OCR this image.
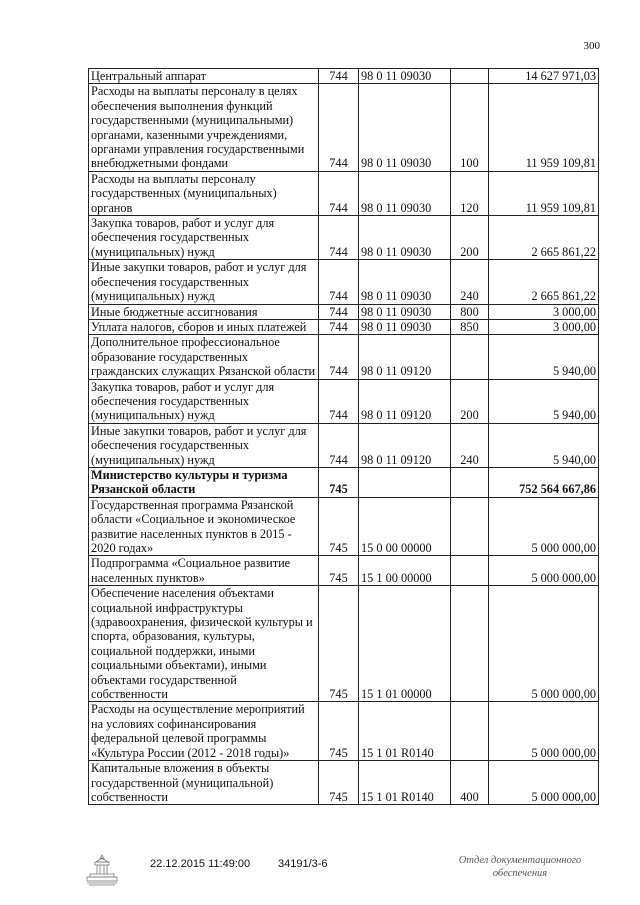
300
Центральный аппарат	744	98 0 11 09030		14 627 971,03
Расходы на выплаты персоналу в целях обеспечения выполнения функций государственными (муниципальными) органами, казенными учреждениями, органами управления государственными внебюджетными фондами	744	98 0 11 09030	100	11 959 109,81
Расходы на выплаты персоналу государственных (муниципальных) органов	744	98 0 11 09030	120	11 959 109,81
Закупка товаров, работ и услуг для обеспечения государственных (муниципальных) нужд	744	98 0 11 09030	200	2 665 861,22
Иные закупки товаров, работ и услуг для обеспечения государственных (муниципальных) нужд	744	98 0 11 09030	240	2 665 861,22
Иные бюджетные ассигнования	744	98 0 11 09030	800	3 000,00
Уплата налогов, сборов и иных платежей	744	98 0 11 09030	850	3 000,00
Дополнительное профессиональное образование государственных гражданских служащих Рязанской области	744	98 0 11 09120		5 940,00
Закупка товаров, работ и услуг для обеспечения государственных (муниципальных) нужд	744	98 0 11 09120	200	5 940,00
Иные закупки товаров, работ и услуг для обеспечения государственных (муниципальных) нужд	744	98 0 11 09120	240	5 940,00
Министерство культуры и туризма Рязанской области	745			752 564 667,86
Государственная программа Рязанской области «Социальное и экономическое развитие населенных пунктов в 2015 - 2020 годах»	745	15 0 00 00000		5 000 000,00
Подпрограмма «Социальное развитие населенных пунктов»	745	15 1 00 00000		5 000 000,00
Обеспечение населения объектами социальной инфраструктуры (здравоохранения, физической культуры и спорта, образования, культуры, социальной поддержки, иными социальными объектами), иными объектами государственной собственности	745	15 1 01 00000		5 000 000,00
Расходы на осуществление мероприятий на условиях софинансирования федеральной целевой программы «Культура России (2012 - 2018 годы)»	745	15 1 01 R0140		5 000 000,00
Капитальные вложения в объекты государственной (муниципальной) собственности	745	15 1 01 R0140	400	5 000 000,00
22.12.2015 11:49:00	34191/3-6	Отдел документационного
обеспечения
